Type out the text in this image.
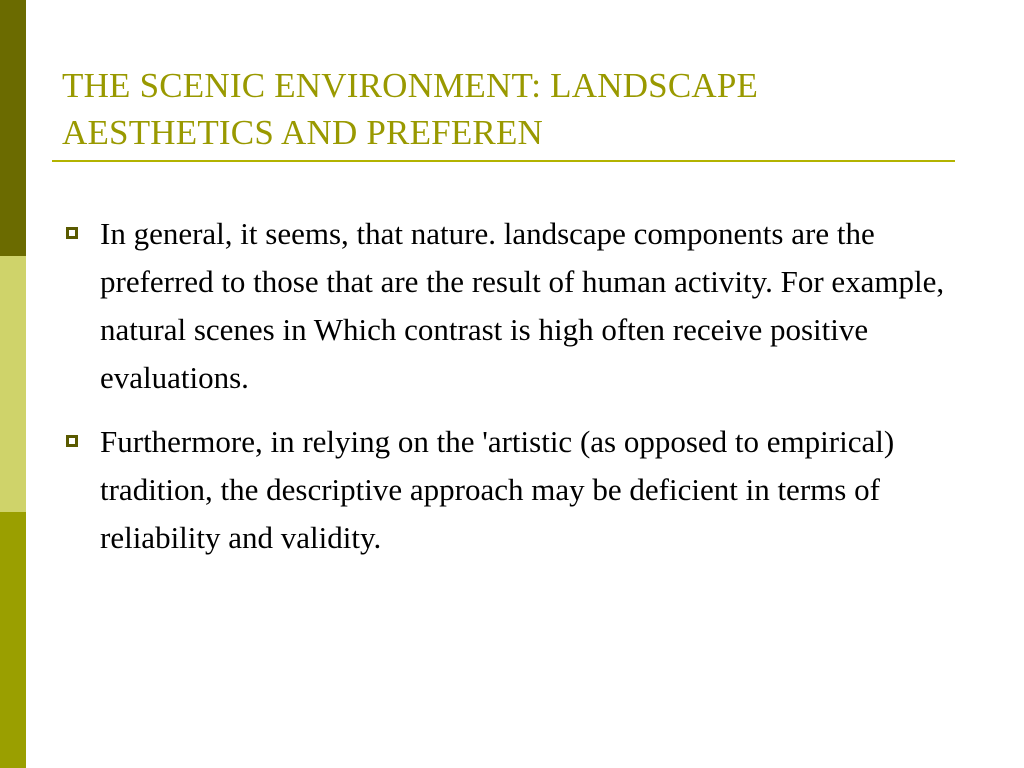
THE SCENIC ENVIRONMENT: LANDSCAPE AESTHETICS AND PREFEREN
In general, it seems, that nature. landscape components are the preferred to those that are the result of human activity. For example, natural scenes in Which contrast is high often receive positive evaluations.
Furthermore, in relying on the 'artistic (as opposed to empirical) tradition, the descriptive approach may be deficient in terms of reliability and validity.
